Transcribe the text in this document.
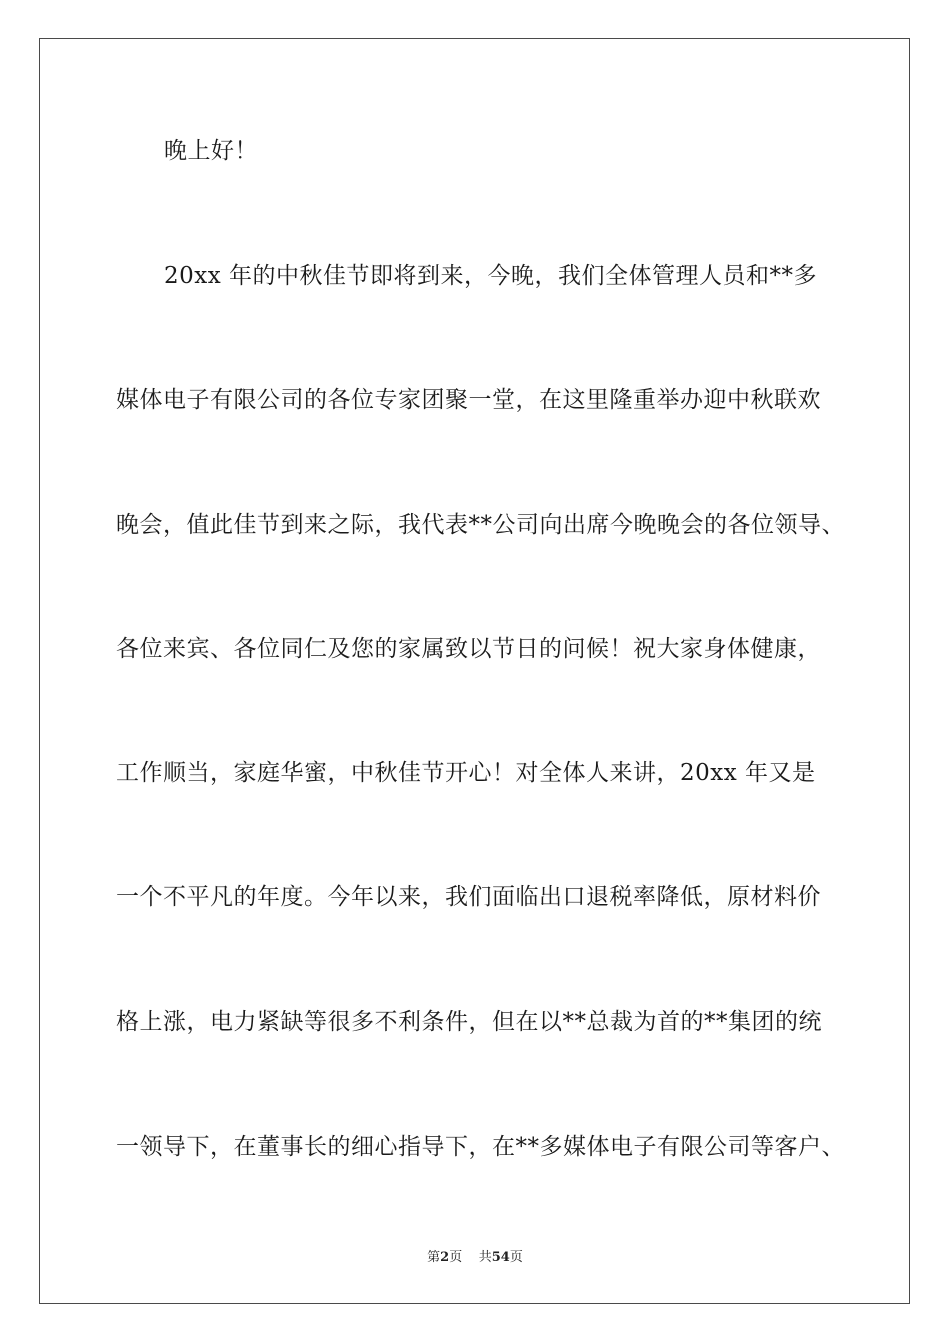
晚上好！
20xx 年的中秋佳节即将到来，今晚，我们全体管理人员和**多
媒体电子有限公司的各位专家团聚一堂，在这里隆重举办迎中秋联欢
晚会，值此佳节到来之际，我代表**公司向出席今晚晚会的各位领导、
各位来宾、各位同仁及您的家属致以节日的问候！祝大家身体健康，
工作顺当，家庭华蜜，中秋佳节开心！对全体人来讲，20xx 年又是
一个不平凡的年度。今年以来，我们面临出口退税率降低，原材料价
格上涨，电力紧缺等很多不利条件，但在以**总裁为首的**集团的统
一领导下，在董事长的细心指导下，在**多媒体电子有限公司等客户、
第2页 共54页
